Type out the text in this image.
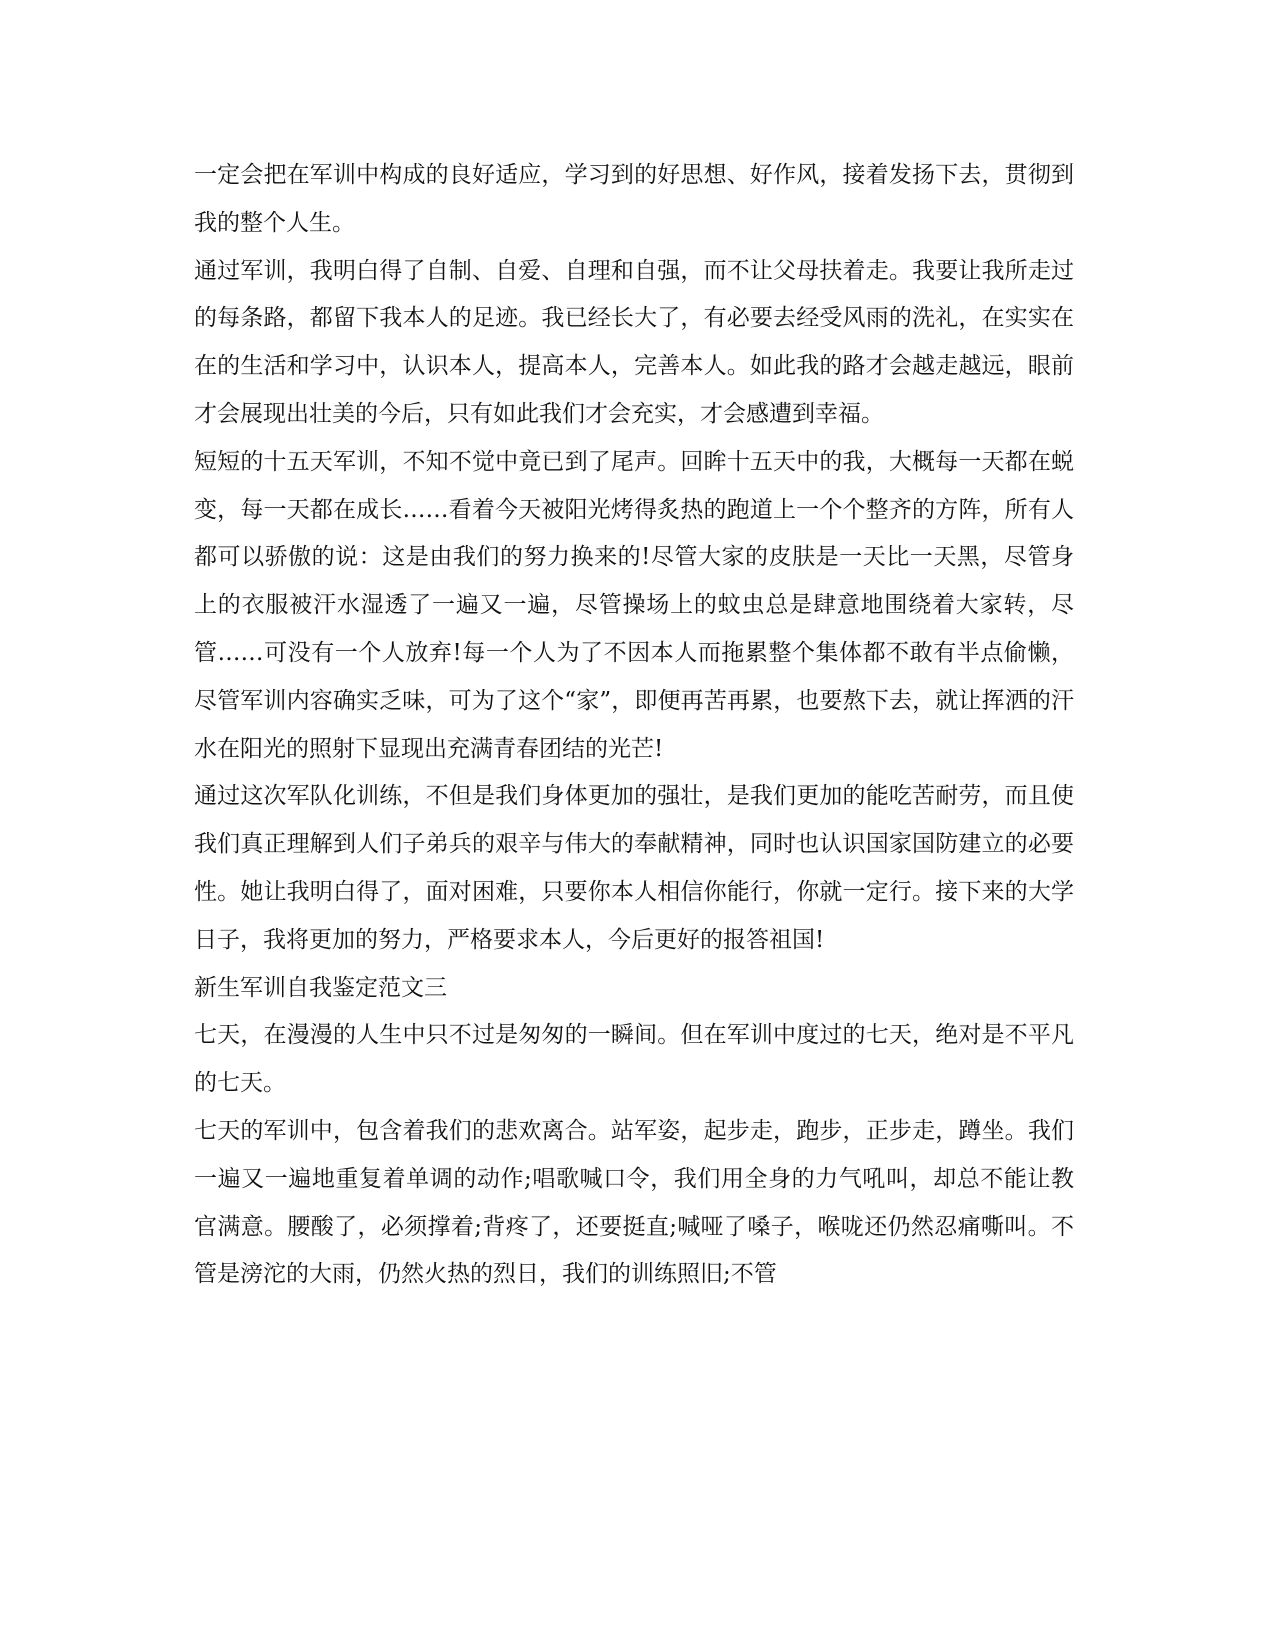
一定会把在军训中构成的良好适应，学习到的好思想、好作风，接着发扬下去，贯彻到我的整个人生。

通过军训，我明白得了自制、自爱、自理和自强，而不让父母扶着走。我要让我所走过的每条路，都留下我本人的足迹。我已经长大了，有必要去经受风雨的洗礼，在实实在在的生活和学习中，认识本人，提高本人，完善本人。如此我的路才会越走越远，眼前才会展现出壮美的今后，只有如此我们才会充实，才会感遭到幸福。

短短的十五天军训，不知不觉中竟已到了尾声。回眸十五天中的我，大概每一天都在蜕变，每一天都在成长……看着今天被阳光烤得炙热的跑道上一个个整齐的方阵，所有人都可以骄傲的说：这是由我们的努力换来的!尽管大家的皮肤是一天比一天黑，尽管身上的衣服被汗水湿透了一遍又一遍，尽管操场上的蚊虫总是肆意地围绕着大家转，尽管……可没有一个人放弃!每一个人为了不因本人而拖累整个集体都不敢有半点偷懒，尽管军训内容确实乏味，可为了这个“家”，即便再苦再累，也要熬下去，就让挥洒的汗水在阳光的照射下显现出充满青春团结的光芒!

通过这次军队化训练，不但是我们身体更加的强壮，是我们更加的能吃苦耐劳，而且使我们真正理解到人们子弟兵的艰辛与伟大的奉献精神，同时也认识国家国防建立的必要性。她让我明白得了，面对困难，只要你本人相信你能行，你就一定行。接下来的大学日子，我将更加的努力，严格要求本人，今后更好的报答祖国!

新生军训自我鉴定范文三

七天，在漫漫的人生中只不过是匆匆的一瞬间。但在军训中度过的七天，绝对是不平凡的七天。

七天的军训中，包含着我们的悲欢离合。站军姿，起步走，跑步，正步走，蹲坐。我们一遍又一遍地重复着单调的动作;唱歌喊口令，我们用全身的力气吼叫，却总不能让教官满意。腰酸了，必须撑着;背疼了，还要挺直;喊哑了嗓子，喉咙还仍然忍痛嘶叫。不管是滂沱的大雨，仍然火热的烈日，我们的训练照旧;不管
